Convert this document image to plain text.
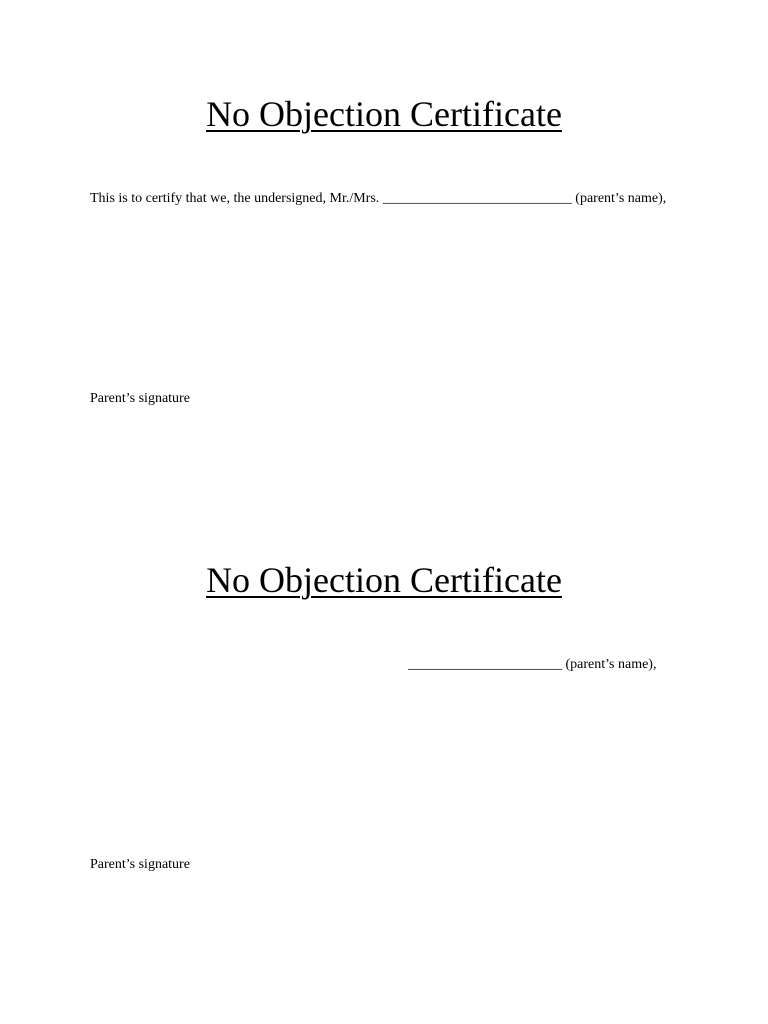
No Objection Certificate

This is to certify that we, the undersigned, Mr./Mrs. ___________________________ (parent’s name),

Parent’s signature

No Objection Certificate

______________________ (parent’s name),

Parent’s signature
